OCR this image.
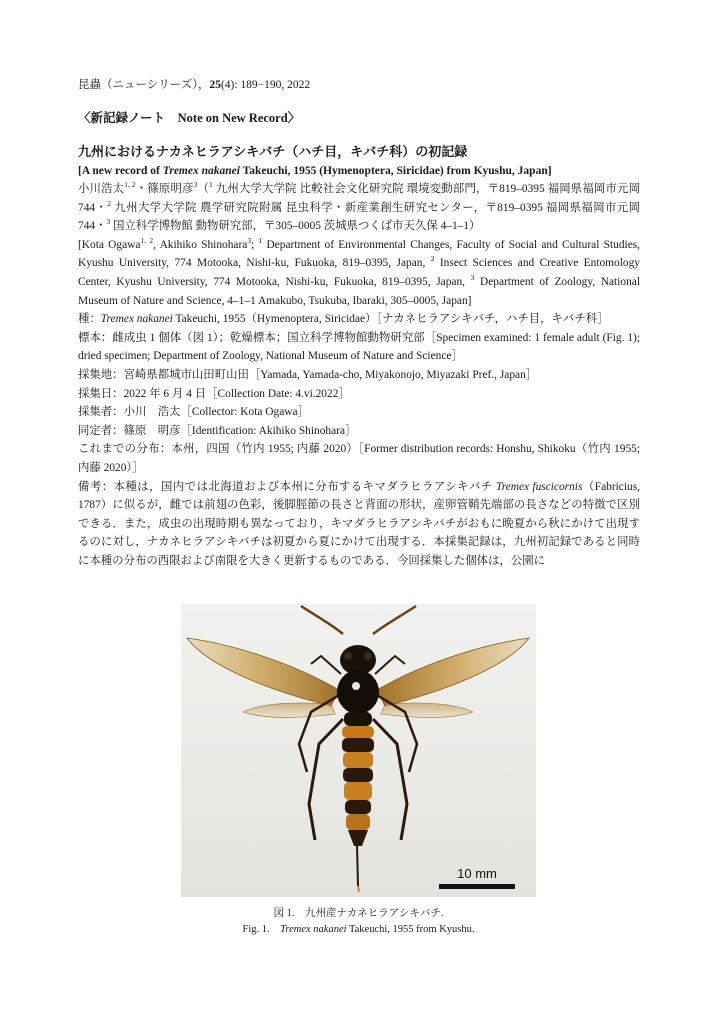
昆蟲（ニューシリーズ），25(4): 189−190, 2022
〈新記録ノート　Note on New Record〉
九州におけるナカネヒラアシキバチ（ハチ目，キバチ科）の初記録
[A new record of Tremex nakanei Takeuchi, 1955 (Hymenoptera, Siricidae) from Kyushu, Japan]

小川浩太$^{1, 2}$・篠原明彦$^3$（$^1$ 九州大学大学院 比較社会文化研究院 環境変動部門，〒819–0395 福岡県福岡市元岡 744・$^2$ 九州大学大学院 農学研究院附属 昆虫科学・新産業創生研究センター，〒819–0395 福岡県福岡市元岡 744・$^3$ 国立科学博物館 動物研究部，〒305–0005 茨城県つくば市天久保 4–1–1）

[Kota Ogawa$^{1, 2}$, Akihiko Shinohara$^3$; $^1$ Department of Environmental Changes, Faculty of Social and Cultural Studies, Kyushu University, 774 Motooka, Nishi-ku, Fukuoka, 819–0395, Japan, $^2$ Insect Sciences and Creative Entomology Center, Kyushu University, 774 Motooka, Nishi-ku, Fukuoka, 819–0395, Japan, $^3$ Department of Zoology, National Museum of Nature and Science, 4–1–1 Amakubo, Tsukuba, Ibaraki, 305–0005, Japan]

種：Tremex nakanei Takeuchi, 1955（Hymenoptera, Siricidae）［ナカネヒラアシキバチ，ハチ目，キバチ科］

標本：雌成虫 1 個体（図 1）；乾燥標本；国立科学博物館動物研究部［Specimen examined: 1 female adult (Fig. 1); dried specimen; Department of Zoology, National Museum of Nature and Science］

採集地：宮崎県都城市山田町山田［Yamada, Yamada-cho, Miyakonojo, Miyazaki Pref., Japan］

採集日：2022 年 6 月 4 日［Collection Date: 4.vi.2022］

採集者：小川　浩太［Collector: Kota Ogawa］

同定者：篠原　明彦［Identification: Akihiko Shinohara］

これまでの分布：本州，四国（竹内 1955; 内藤 2020）［Former distribution records: Honshu, Shikoku（竹内 1955; 内藤 2020）］

備考：本種は，国内では北海道および本州に分布するキマダラヒラアシキバチ Tremex fuscicornis（Fabricius, 1787）に似るが，雌では前翅の色彩，後脚脛節の長さと背面の形状，産卵管鞘先端部の長さなどの特徴で区別できる．また，成虫の出現時期も異なっており，キマダラヒラアシキバチがおもに晩夏から秋にかけて出現するのに対し，ナカネヒラアシキバチは初夏から夏にかけて出現する．本採集記録は，九州初記録であると同時に本種の分布の西限および南限を大きく更新するものである．今回採集した個体は，公園に

10 mm
図 1.　九州産ナカネヒラアシキバチ.
Fig. 1.　Tremex nakanei Takeuchi, 1955 from Kyushu.
